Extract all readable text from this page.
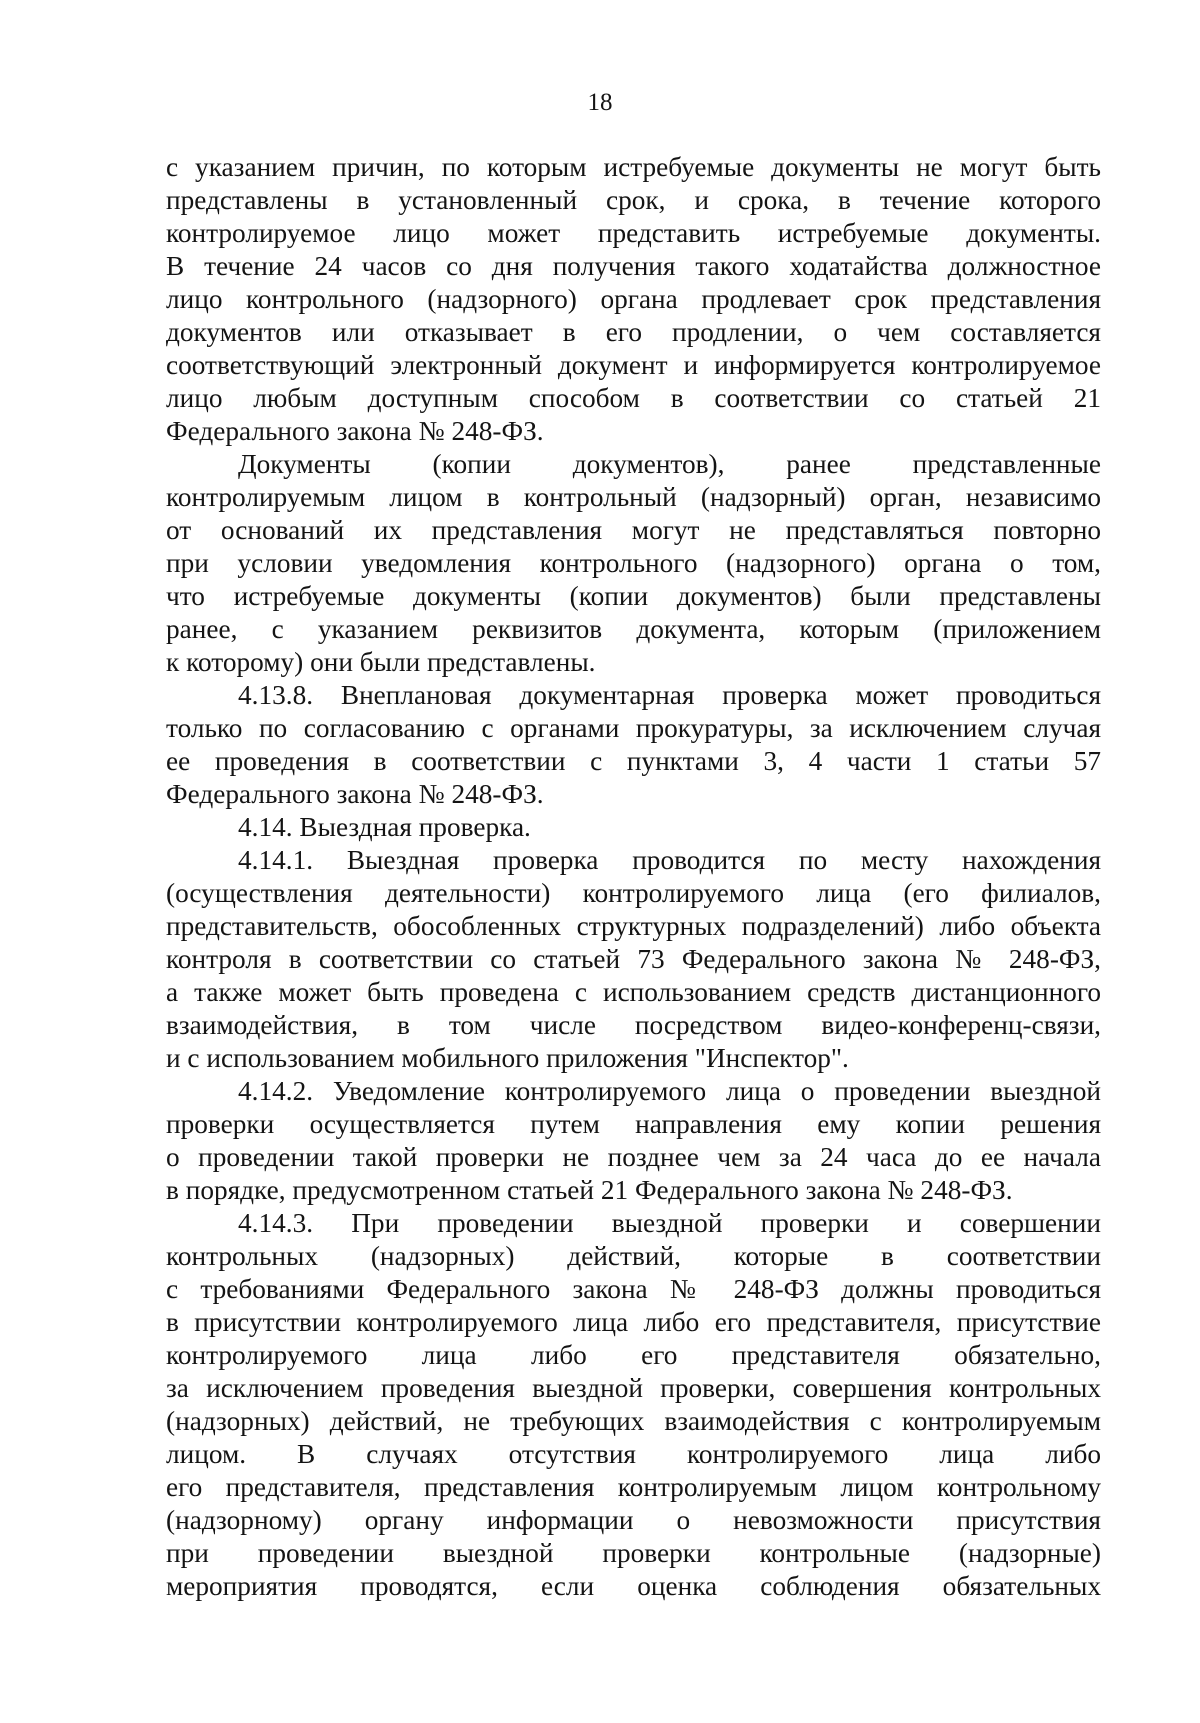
18
с указанием причин, по которым истребуемые документы не могут быть
представлены в установленный срок, и срока, в течение которого
контролируемое лицо может представить истребуемые документы.
В течение 24 часов со дня получения такого ходатайства должностное
лицо контрольного (надзорного) органа продлевает срок представления
документов или отказывает в его продлении, о чем составляется
соответствующий электронный документ и информируется контролируемое
лицо любым доступным способом в соответствии со статьей 21
Федерального закона № 248-ФЗ.
Документы (копии документов), ранее представленные
контролируемым лицом в контрольный (надзорный) орган, независимо
от оснований их представления могут не представляться повторно
при условии уведомления контрольного (надзорного) органа о том,
что истребуемые документы (копии документов) были представлены
ранее, с указанием реквизитов документа, которым (приложением
к которому) они были представлены.
4.13.8. Внеплановая документарная проверка может проводиться
только по согласованию с органами прокуратуры, за исключением случая
ее проведения в соответствии с пунктами 3, 4 части 1 статьи 57
Федерального закона № 248-ФЗ.
4.14. Выездная проверка.
4.14.1. Выездная проверка проводится по месту нахождения
(осуществления деятельности) контролируемого лица (его филиалов,
представительств, обособленных структурных подразделений) либо объекта
контроля в соответствии со статьей 73 Федерального закона № 248-ФЗ,
а также может быть проведена с использованием средств дистанционного
взаимодействия, в том числе посредством видео-конференц-связи,
и с использованием мобильного приложения "Инспектор".
4.14.2. Уведомление контролируемого лица о проведении выездной
проверки осуществляется путем направления ему копии решения
о проведении такой проверки не позднее чем за 24 часа до ее начала
в порядке, предусмотренном статьей 21 Федерального закона № 248-ФЗ.
4.14.3. При проведении выездной проверки и совершении
контрольных (надзорных) действий, которые в соответствии
с требованиями Федерального закона № 248-ФЗ должны проводиться
в присутствии контролируемого лица либо его представителя, присутствие
контролируемого лица либо его представителя обязательно,
за исключением проведения выездной проверки, совершения контрольных
(надзорных) действий, не требующих взаимодействия с контролируемым
лицом. В случаях отсутствия контролируемого лица либо
его представителя, представления контролируемым лицом контрольному
(надзорному) органу информации о невозможности присутствия
при проведении выездной проверки контрольные (надзорные)
мероприятия проводятся, если оценка соблюдения обязательных
